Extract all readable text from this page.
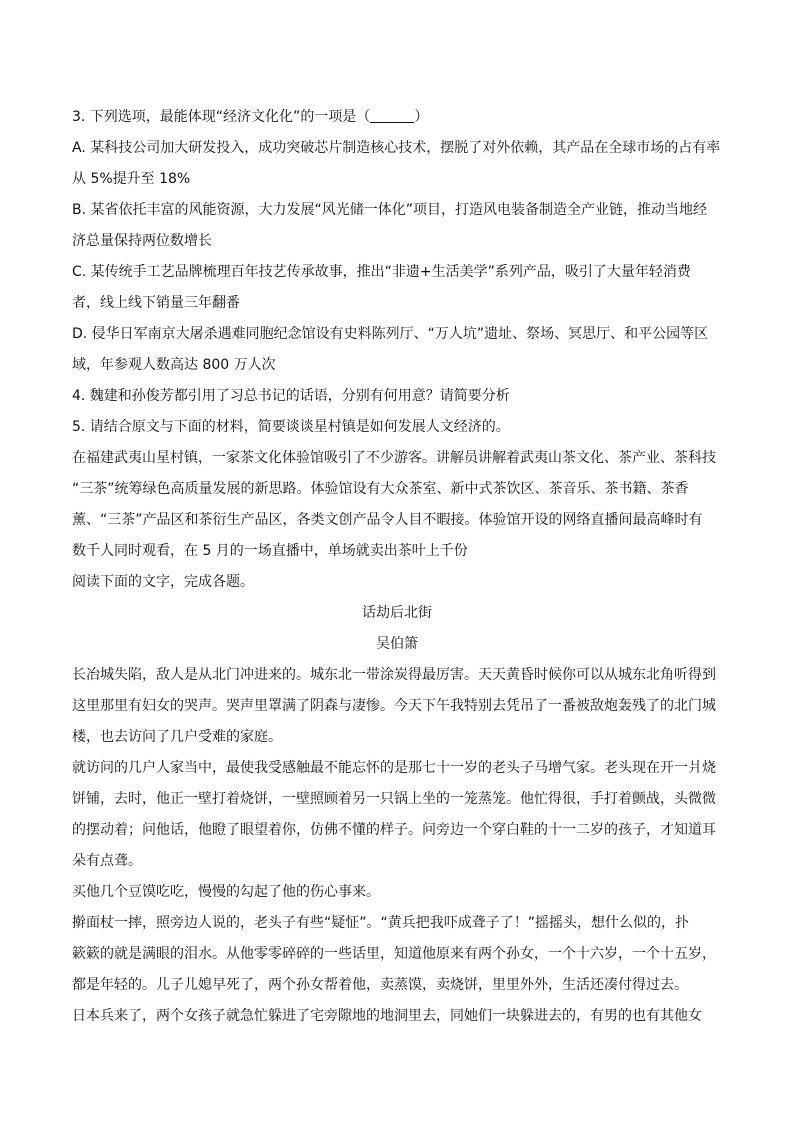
3. 下列选项，最能体现“经济文化化”的一项是（	）
A. 某科技公司加大研发投入，成功突破芯片制造核心技术，摆脱了对外依赖，其产品在全球市场的占有率
从 5%提升至 18%
B. 某省依托丰富的风能资源，大力发展“风光储一体化”项目，打造风电装备制造全产业链，推动当地经
济总量保持两位数增长
C. 某传统手工艺品牌梳理百年技艺传承故事，推出“非遗+生活美学”系列产品，吸引了大量年轻消费
者，线上线下销量三年翻番
D. 侵华日军南京大屠杀遇难同胞纪念馆设有史料陈列厅、“万人坑”遗址、祭场、冥思厅、和平公园等区
域，年参观人数高达 800 万人次
4. 魏建和孙俊芳都引用了习总书记的话语，分别有何用意？请简要分析
5. 请结合原文与下面的材料，简要谈谈星村镇是如何发展人文经济的。
在福建武夷山星村镇，一家茶文化体验馆吸引了不少游客。讲解员讲解着武夷山茶文化、茶产业、茶科技
“三茶”统筹绿色高质量发展的新思路。体验馆设有大众茶室、新中式茶饮区、茶音乐、茶书籍、茶香
薰、“三茶”产品区和茶衍生产品区，各类文创产品令人目不暇接。体验馆开设的网络直播间最高峰时有
数千人同时观看，在 5 月的一场直播中，单场就卖出茶叶上千份
阅读下面的文字，完成各题。
话劫后北街
吴伯箫
长冶城失陷，敌人是从北门冲进来的。城东北一带涂炭得最厉害。天天黄昏时候你可以从城东北角听得到
这里那里有妇女的哭声。哭声里罩满了阴森与凄惨。今天下午我特别去凭吊了一番被敌炮轰残了的北门城
楼，也去访问了几户受难的家庭。
就访问的几户人家当中，最使我受感触最不能忘怀的是那七十一岁的老头子马增气家。老头现在开一爿烧
饼铺，去时，他正一壁打着烧饼，一壁照顾着另一只锅上坐的一笼蒸笼。他忙得很，手打着颤战，头微微
的摆动着；问他话，他瞪了眼望着你，仿佛不懂的样子。问旁边一个穿白鞋的十一二岁的孩子，才知道耳
朵有点聋。
买他几个豆馍吃吃，慢慢的勾起了他的伤心事来。
擀面杖一摔，照旁边人说的，老头子有些“疑怔”。“黄兵把我吓成聋子了！”摇摇头，想什么似的，扑
簌簌的就是满眼的泪水。从他零零碎碎的一些话里，知道他原来有两个孙女，一个十六岁，一个十五岁，
都是年轻的。儿子儿媳早死了，两个孙女帮着他，卖蒸馍，卖烧饼，里里外外，生活还凑付得过去。
日本兵来了，两个女孩子就急忙躲进了宅旁隙地的地洞里去，同她们一块躲进去的，有男的也有其他女
